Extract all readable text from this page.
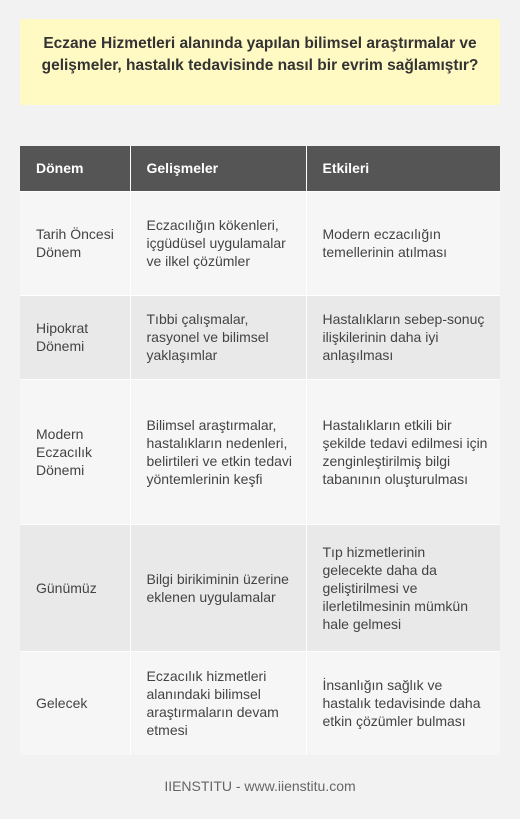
Eczane Hizmetleri alanında yapılan bilimsel araştırmalar ve gelişmeler, hastalık tedavisinde nasıl bir evrim sağlamıştır?
Dönem	Gelişmeler	Etkileri
Tarih Öncesi Dönem	Eczacılığın kökenleri, içgüdüsel uygulamalar ve ilkel çözümler	Modern eczacılığın temellerinin atılması
Hipokrat Dönemi	Tıbbi çalışmalar, rasyonel ve bilimsel yaklaşımlar	Hastalıkların sebep-sonuç ilişkilerinin daha iyi anlaşılması
Modern Eczacılık Dönemi	Bilimsel araştırmalar, hastalıkların nedenleri, belirtileri ve etkin tedavi yöntemlerinin keşfi	Hastalıkların etkili bir şekilde tedavi edilmesi için zenginleştirilmiş bilgi tabanının oluşturulması
Günümüz	Bilgi birikiminin üzerine eklenen uygulamalar	Tıp hizmetlerinin gelecekte daha da geliştirilmesi ve ilerletilmesinin mümkün hale gelmesi
Gelecek	Eczacılık hizmetleri alanındaki bilimsel araştırmaların devam etmesi	İnsanlığın sağlık ve hastalık tedavisinde daha etkin çözümler bulması
IIENSTITU - www.iienstitu.com
